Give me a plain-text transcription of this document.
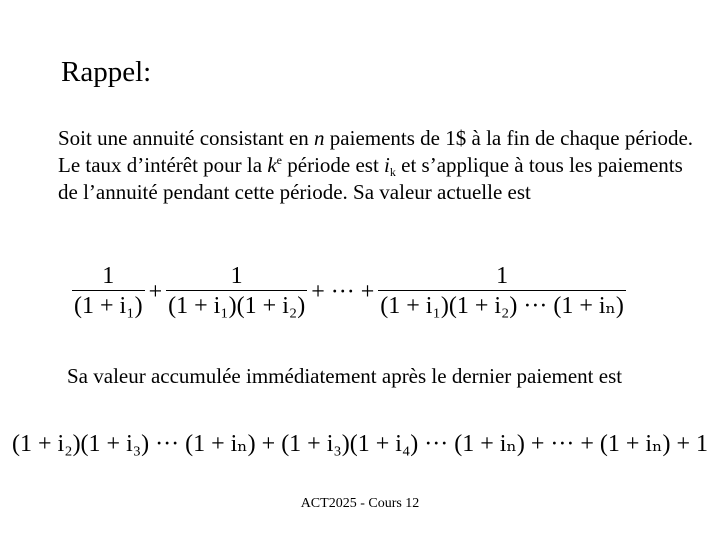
Rappel:
Soit une annuité consistant en n paiements de 1$ à la fin de chaque période. Le taux d’intérêt pour la $k^e$ période est $i_k$ et s’applique à tous les paiements de l’annuité pendant cette période. Sa valeur actuelle est
$\frac{1}{\text{(1 + i₁)}} + \frac{1}{\text{(1 + i₁)(1 + i₂)}}$ + ··· + $\frac{1}{\text{(1 + i₁)(1 + i₂) ··· (1 + iₙ)}}$
Sa valeur accumulée immédiatement après le dernier paiement est
(1 + i₂)(1 + i₃) ··· (1 + iₙ) + (1 + i₃)(1 + i₄) ··· (1 + iₙ) + ··· + (1 + iₙ) + 1
ACT2025 - Cours 12
